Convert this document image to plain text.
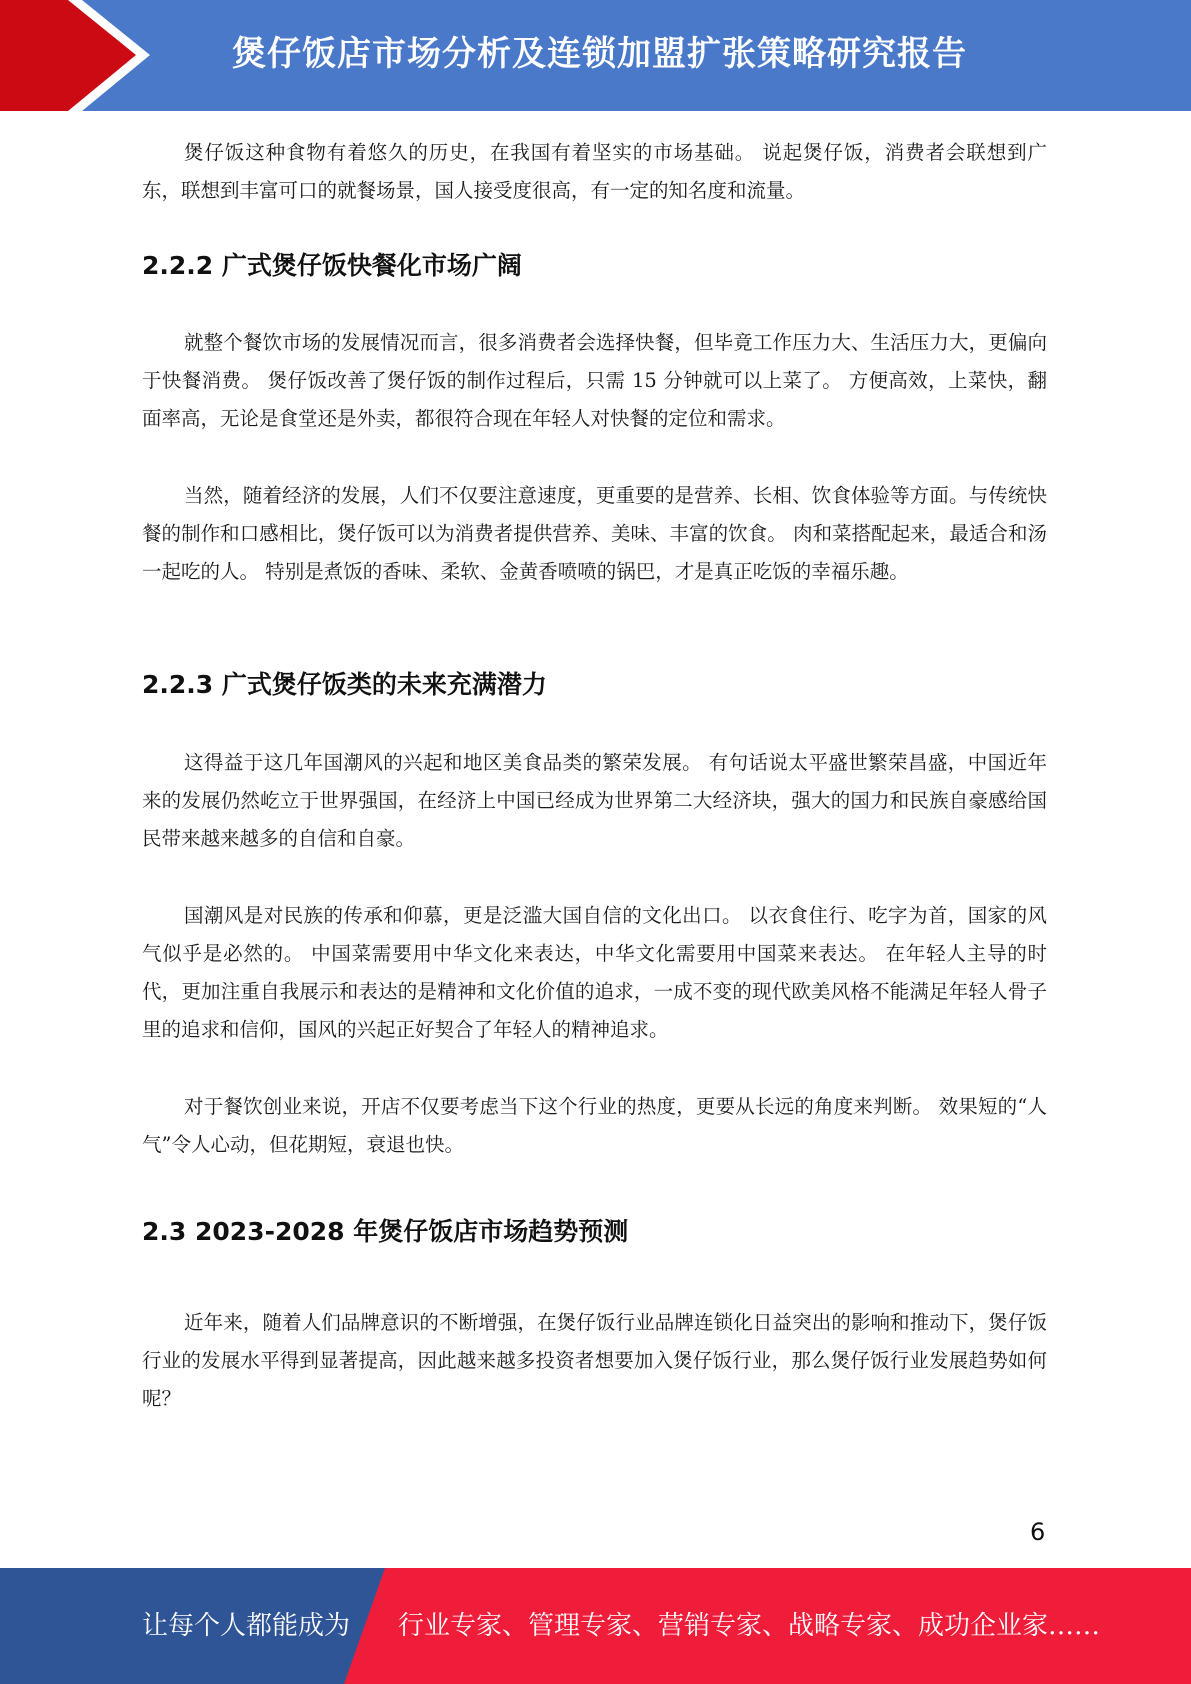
煲仔饭店市场分析及连锁加盟扩张策略研究报告

煲仔饭这种食物有着悠久的历史，在我国有着坚实的市场基础。 说起煲仔饭，消费者会联想到广东，联想到丰富可口的就餐场景，国人接受度很高，有一定的知名度和流量。

2.2.2 广式煲仔饭快餐化市场广阔

就整个餐饮市场的发展情况而言，很多消费者会选择快餐，但毕竟工作压力大、生活压力大，更偏向于快餐消费。 煲仔饭改善了煲仔饭的制作过程后，只需 15 分钟就可以上菜了。 方便高效，上菜快，翻面率高，无论是食堂还是外卖，都很符合现在年轻人对快餐的定位和需求。

当然，随着经济的发展，人们不仅要注意速度，更重要的是营养、长相、饮食体验等方面。与传统快餐的制作和口感相比，煲仔饭可以为消费者提供营养、美味、丰富的饮食。 肉和菜搭配起来，最适合和汤一起吃的人。 特别是煮饭的香味、柔软、金黄香喷喷的锅巴，才是真正吃饭的幸福乐趣。

2.2.3 广式煲仔饭类的未来充满潜力

这得益于这几年国潮风的兴起和地区美食品类的繁荣发展。 有句话说太平盛世繁荣昌盛，中国近年来的发展仍然屹立于世界强国，在经济上中国已经成为世界第二大经济块，强大的国力和民族自豪感给国民带来越来越多的自信和自豪。

国潮风是对民族的传承和仰慕，更是泛滥大国自信的文化出口。 以衣食住行、吃字为首，国家的风气似乎是必然的。 中国菜需要用中华文化来表达，中华文化需要用中国菜来表达。 在年轻人主导的时代，更加注重自我展示和表达的是精神和文化价值的追求，一成不变的现代欧美风格不能满足年轻人骨子里的追求和信仰，国风的兴起正好契合了年轻人的精神追求。

对于餐饮创业来说，开店不仅要考虑当下这个行业的热度，更要从长远的角度来判断。 效果短的“人气”令人心动，但花期短，衰退也快。

2.3 2023-2028 年煲仔饭店市场趋势预测

近年来，随着人们品牌意识的不断增强，在煲仔饭行业品牌连锁化日益突出的影响和推动下，煲仔饭行业的发展水平得到显著提高，因此越来越多投资者想要加入煲仔饭行业，那么煲仔饭行业发展趋势如何呢？

6
让每个人都能成为 行业专家、管理专家、营销专家、战略专家、成功企业家……
